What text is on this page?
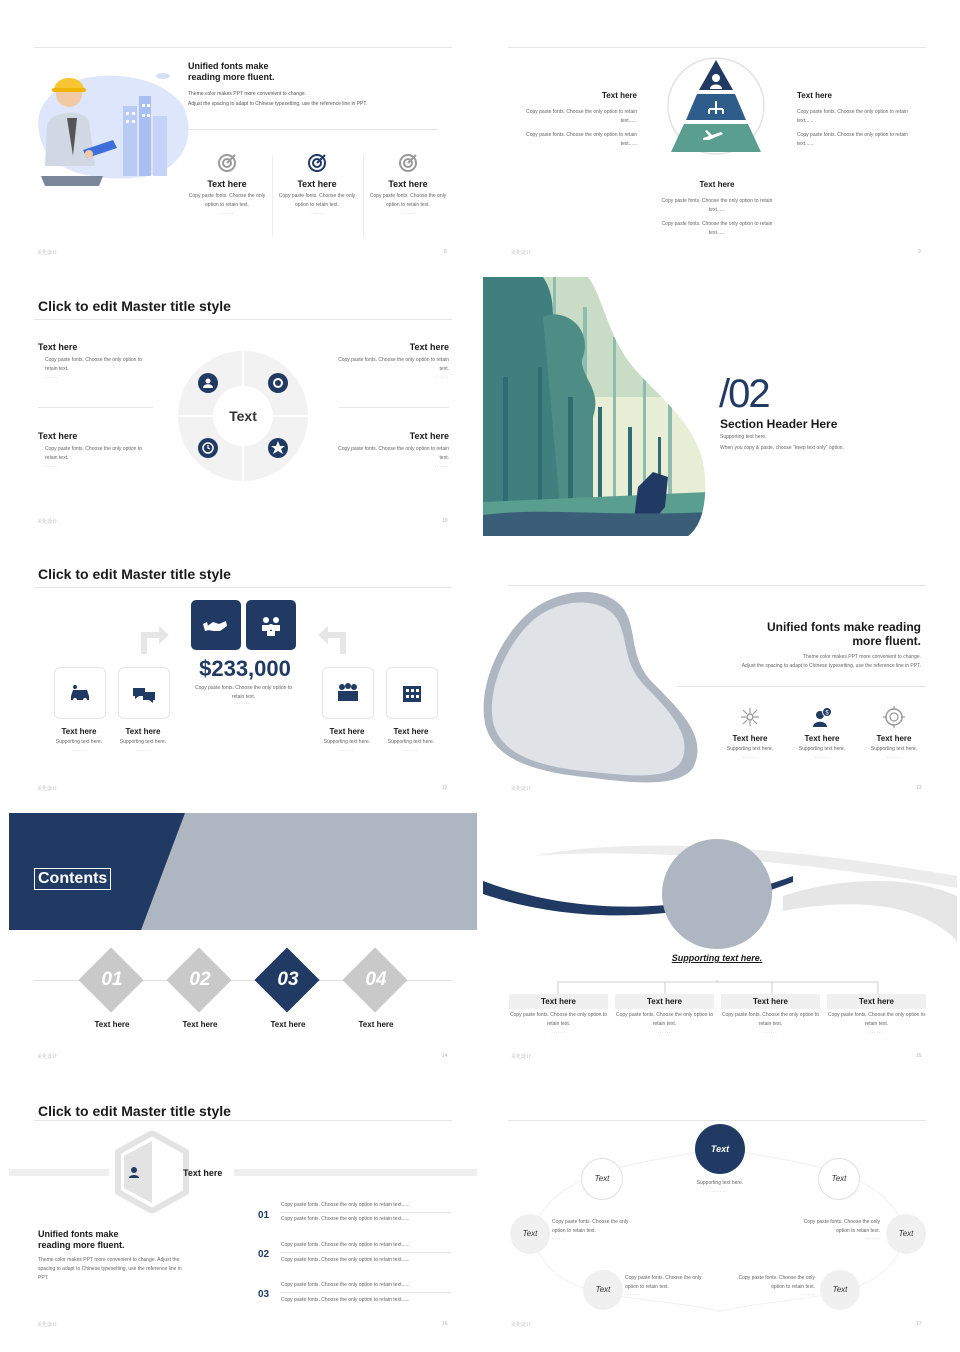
Unified fonts make
reading more fluent.
Theme color makes PPT more convenient to change.
Adjust the spacing to adapt to Chinese typesetting, use the reference line in PPT.
Text here
Copy paste fonts. Choose the only option to retain text.
......
Text here
Copy paste fonts. Choose the only option to retain text.
......
Text here
Copy paste fonts. Choose the only option to retain text.
......
美化设计	8
Text here
Copy paste fonts. Choose the only option to retain text......
Copy paste fonts. Choose the only option to retain text......
Text here
Copy paste fonts. Choose the only option to retain text......
Copy paste fonts. Choose the only option to retain text......
Text here
Copy paste fonts. Choose the only option to retain text......
Copy paste fonts. Choose the only option to retain text......
美化设计	9
Click to edit Master title style
Text
Text here
Copy paste fonts. Choose the only option to retain text.
......
Text here
Copy paste fonts. Choose the only option to retain text.
......
Text here
Copy paste fonts. Choose the only option to retain text.
......
Text here
Copy paste fonts. Choose the only option to retain text.
......
美化设计	10
/02
Section Header Here
Supporting text here.
When you copy & paste, choose "keep text only" option.
Click to edit Master title style
$233,000
Copy paste fonts. Choose the only option to retain text.
......
Text here
Supporting text here.
......
Text here
Supporting text here.
......
Text here
Supporting text here.
......
Text here
Supporting text here.
......
美化设计	12
Unified fonts make reading
more fluent.
Theme color makes PPT more convenient to change.
Adjust the spacing to adapt to Chinese typesetting, use the reference line in PPT.
Text here
Supporting text here.
......
$
Text here
Supporting text here.
......
Text here
Supporting text here.
......
美化设计	13
Contents
01
Text here
02
Text here
03
Text here
04
Text here
美化设计	14
Supporting text here.
Text here
Copy paste fonts. Choose the only option to retain text.
......
Text here
Copy paste fonts. Choose the only option to retain text.
......
Text here
Copy paste fonts. Choose the only option to retain text.
......
Text here
Copy paste fonts. Choose the only option to retain text.
......
美化设计	15
Click to edit Master title style
Text here
Unified fonts make
reading more fluent.
Theme color makes PPT more convenient to change. Adjust the spacing to adapt to Chinese typesetting, use the reference line in PPT.
01
Copy paste fonts. Choose the only option to retain text......
Copy paste fonts. Choose the only option to retain text......
02
Copy paste fonts. Choose the only option to retain text......
Copy paste fonts. Choose the only option to retain text......
03
Copy paste fonts. Choose the only option to retain text......
Copy paste fonts. Choose the only option to retain text......
美化设计	16
Text
Supporting text here.
......
Text	Text
Text	Text
Text	Text
Copy paste fonts. Choose the only option to retain text.
......
Copy paste fonts. Choose the only option to retain text.
......
Copy paste fonts. Choose the only option to retain text.
......
Copy paste fonts. Choose the only option to retain text.
......
美化设计	17
